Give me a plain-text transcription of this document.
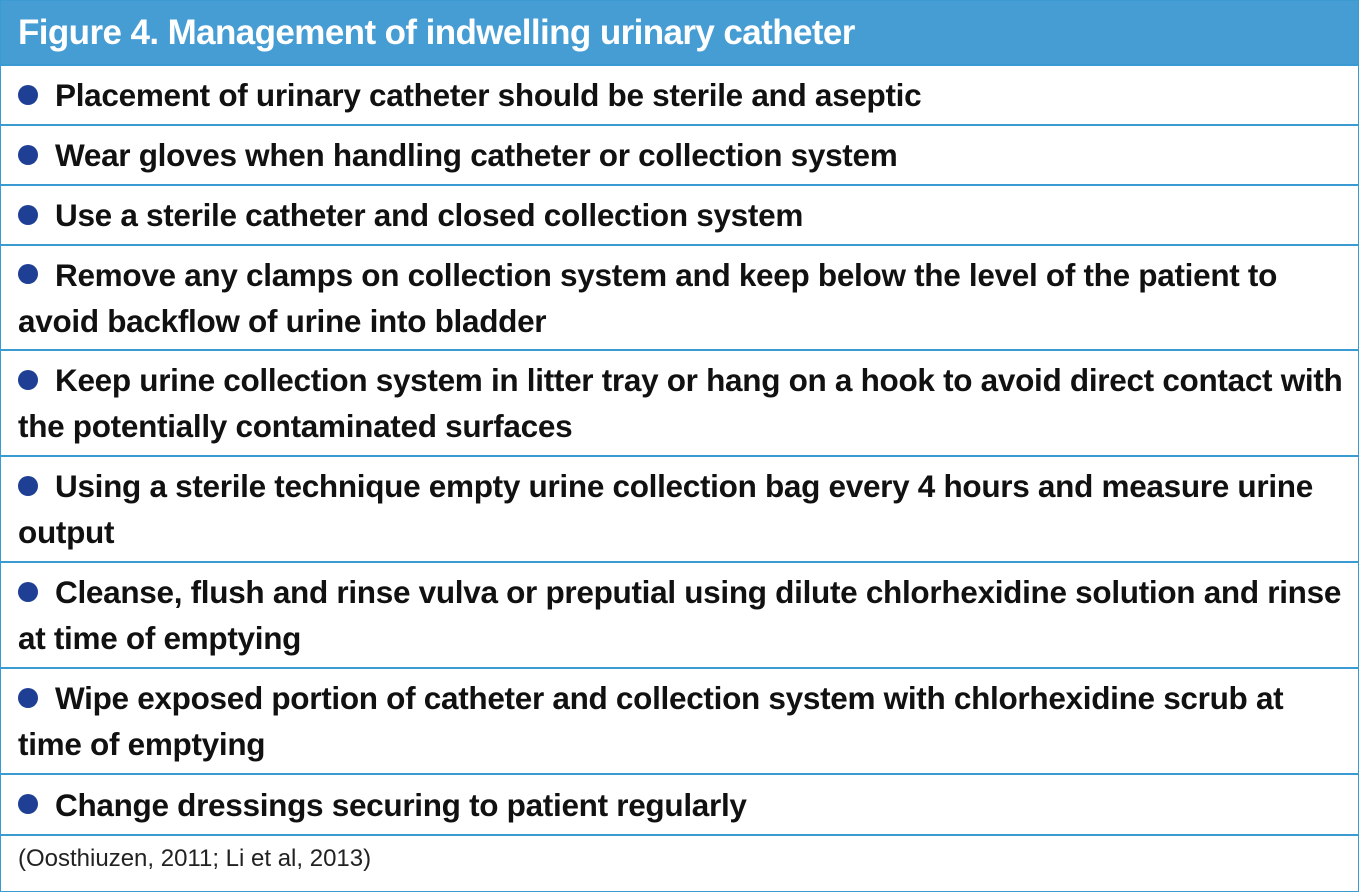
Figure 4. Management of indwelling urinary catheter
Placement of urinary catheter should be sterile and aseptic
Wear gloves when handling catheter or collection system
Use a sterile catheter and closed collection system
Remove any clamps on collection system and keep below the level of the patient to avoid backflow of urine into bladder
Keep urine collection system in litter tray or hang on a hook to avoid direct contact with the potentially contaminated surfaces
Using a sterile technique empty urine collection bag every 4 hours and measure urine output
Cleanse, flush and rinse vulva or preputial using dilute chlorhexidine solution and rinse at time of emptying
Wipe exposed portion of catheter and collection system with chlorhexidine scrub at time of emptying
Change dressings securing to patient regularly
(Oosthiuzen, 2011; Li et al, 2013)
